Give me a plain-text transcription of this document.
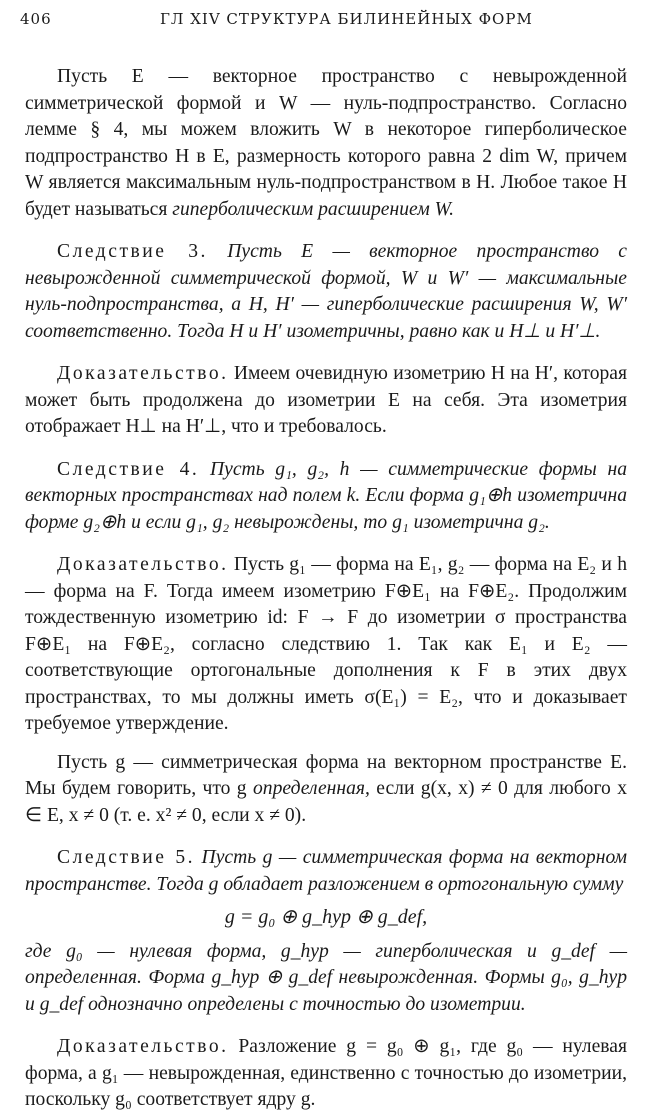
406	ГЛ XIV СТРУКТУРА БИЛИНЕЙНЫХ ФОРМ

Пусть E — векторное пространство с невырожденной симметрической формой и W — нуль-подпространство. Согласно лемме § 4, мы можем вложить W в некоторое гиперболическое подпространство H в E, размерность которого равна 2 dim W, причем W является максимальным нуль-подпространством в H. Любое такое H будет называться гиперболическим расширением W.

Следствие 3. Пусть E — векторное пространство с невырожденной симметрической формой, W и W′ — максимальные нуль-подпространства, а H, H′ — гиперболические расширения W, W′ соответственно. Тогда H и H′ изометричны, равно как и H⊥ и H′⊥.

Доказательство. Имеем очевидную изометрию H на H′, которая может быть продолжена до изометрии E на себя. Эта изометрия отображает H⊥ на H′⊥, что и требовалось.

Следствие 4. Пусть g₁, g₂, h — симметрические формы на векторных пространствах над полем k. Если форма g₁⊕h изометрична форме g₂⊕h и если g₁, g₂ невырождены, то g₁ изометрична g₂.

Доказательство. Пусть g₁ — форма на E₁, g₂ — форма на E₂ и h — форма на F. Тогда имеем изометрию F⊕E₁ на F⊕E₂. Продолжим тождественную изометрию id: F → F до изометрии σ пространства F⊕E₁ на F⊕E₂, согласно следствию 1. Так как E₁ и E₂ — соответствующие ортогональные дополнения к F в этих двух пространствах, то мы должны иметь σ(E₁) = E₂, что и доказывает требуемое утверждение.

Пусть g — симметрическая форма на векторном пространстве E. Мы будем говорить, что g определенная, если g(x, x) ≠ 0 для любого x ∈ E, x ≠ 0 (т. е. x² ≠ 0, если x ≠ 0).

Следствие 5. Пусть g — симметрическая форма на векторном пространстве. Тогда g обладает разложением в ортогональную сумму

g = g₀ ⊕ g_hyp ⊕ g_def,

где g₀ — нулевая форма, g_hyp — гиперболическая и g_def — определенная. Форма g_hyp ⊕ g_def невырожденная. Формы g₀, g_hyp и g_def однозначно определены с точностью до изометрии.

Доказательство. Разложение g = g₀ ⊕ g₁, где g₀ — нулевая форма, а g₁ — невырожденная, единственно с точностью до изометрии, поскольку g₀ соответствует ядру g.
